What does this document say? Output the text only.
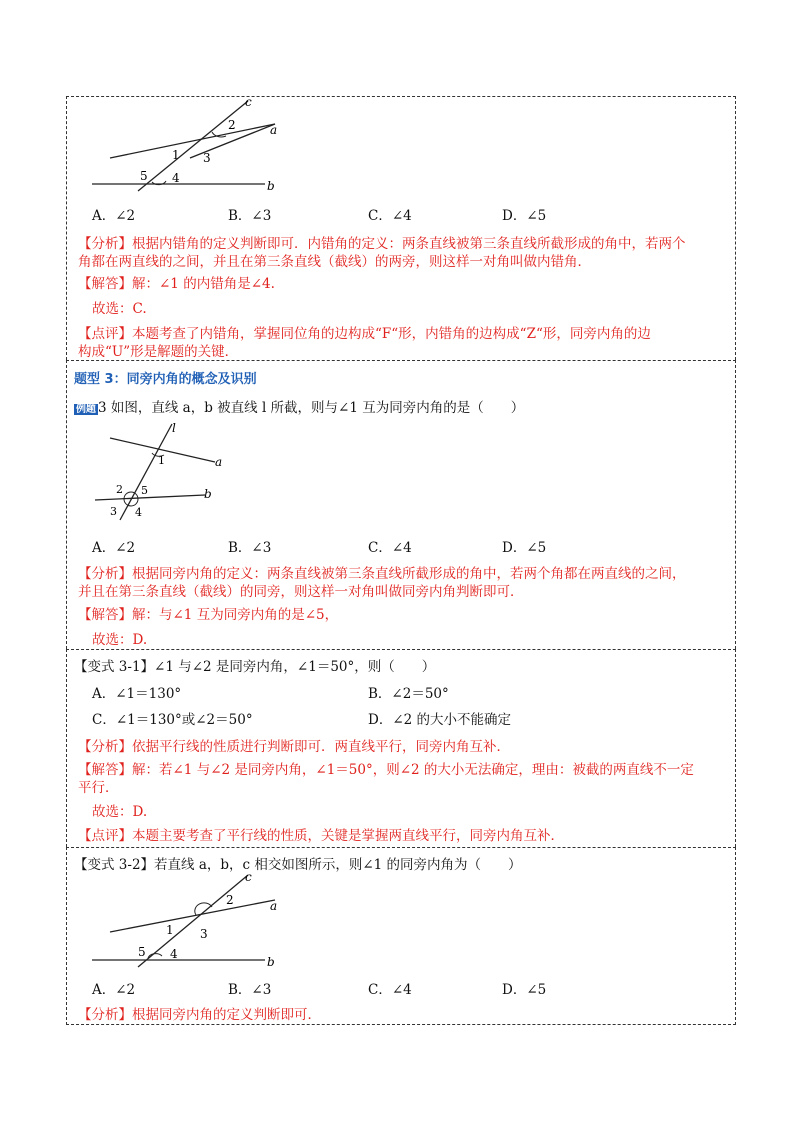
c
a
b
1
2
3
4
5
A．∠2	B．∠3	C．∠4	D．∠5
【分析】根据内错角的定义判断即可．内错角的定义：两条直线被第三条直线所截形成的角中，若两个
角都在两直线的之间，并且在第三条直线（截线）的两旁，则这样一对角叫做内错角．
【解答】解：∠1 的内错角是∠4.
故选：C.
【点评】本题考查了内错角，掌握同位角的边构成“F“形，内错角的边构成“Z“形，同旁内角的边
构成“U”形是解题的关键．
题型 3：同旁内角的概念及识别
例题 3 如图，直线 a，b 被直线 l 所截，则与∠1 互为同旁内角的是（　　）
l
a
b
1
2 5
3 4
A．∠2	B．∠3	C．∠4	D．∠5
【分析】根据同旁内角的定义：两条直线被第三条直线所截形成的角中，若两个角都在两直线的之间，
并且在第三条直线（截线）的同旁，则这样一对角叫做同旁内角判断即可．
【解答】解：与∠1 互为同旁内角的是∠5，
故选：D.
【变式 3-1】∠1 与∠2 是同旁内角，∠1＝50°，则（　　）
A．∠1＝130°	B．∠2＝50°
C．∠1＝130°或∠2＝50°	D．∠2 的大小不能确定
【分析】依据平行线的性质进行判断即可．两直线平行，同旁内角互补．
【解答】解：若∠1 与∠2 是同旁内角，∠1＝50°，则∠2 的大小无法确定，理由：被截的两直线不一定
平行．
故选：D.
【点评】本题主要考查了平行线的性质，关键是掌握两直线平行，同旁内角互补．
【变式 3-2】若直线 a，b，c 相交如图所示，则∠1 的同旁内角为（　　）
c
a
b
1
2
3
4
5
A．∠2	B．∠3	C．∠4	D．∠5
【分析】根据同旁内角的定义判断即可．
